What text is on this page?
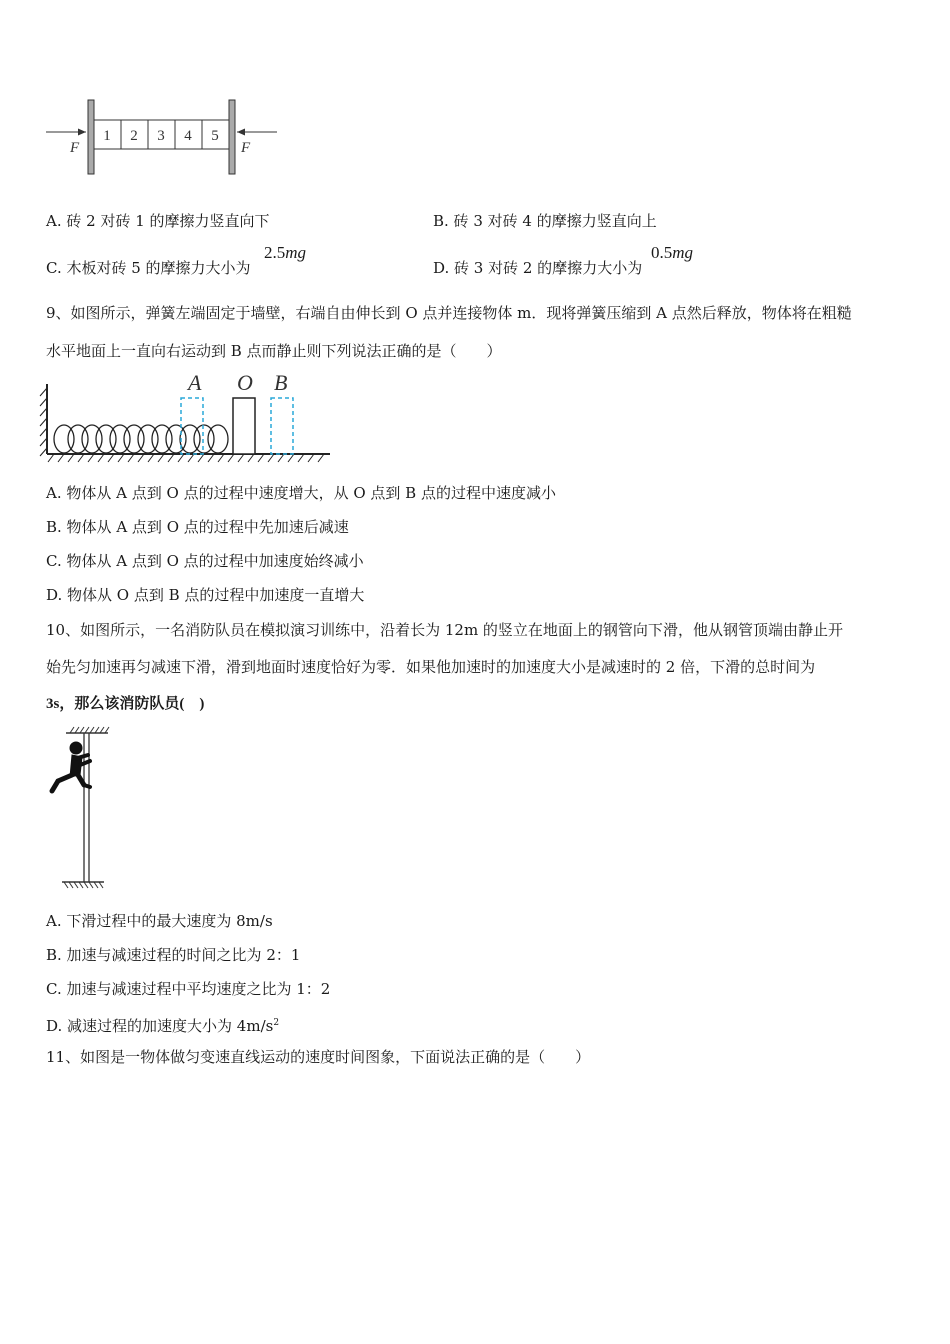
F
1 2 3 4 5
F
A. 砖 2 对砖 1 的摩擦力竖直向下	B. 砖 3 对砖 4 的摩擦力竖直向上
C. 木板对砖 5 的摩擦力大小为
2.5mg
D. 砖 3 对砖 2 的摩擦力大小为
0.5mg
9、如图所示，弹簧左端固定于墙壁，右端自由伸长到 O 点并连接物体 m．现将弹簧压缩到 A 点然后释放，物体将在粗糙
水平地面上一直向右运动到 B 点而静止则下列说法正确的是（　　）
A O B
A. 物体从 A 点到 O 点的过程中速度增大，从 O 点到 B 点的过程中速度减小
B. 物体从 A 点到 O 点的过程中先加速后减速
C. 物体从 A 点到 O 点的过程中加速度始终减小
D. 物体从 O 点到 B 点的过程中加速度一直增大
10、如图所示，一名消防队员在模拟演习训练中，沿着长为 12m 的竖立在地面上的钢管向下滑，他从钢管顶端由静止开
始先匀加速再匀减速下滑，滑到地面时速度恰好为零．如果他加速时的加速度大小是减速时的 2 倍，下滑的总时间为
3s，那么该消防队员(　)
A. 下滑过程中的最大速度为 8m/s
B. 加速与减速过程的时间之比为 2：1
C. 加速与减速过程中平均速度之比为 1：2
D. 减速过程的加速度大小为 $4m/s^2$
11、如图是一物体做匀变速直线运动的速度时间图象，下面说法正确的是（　　）
